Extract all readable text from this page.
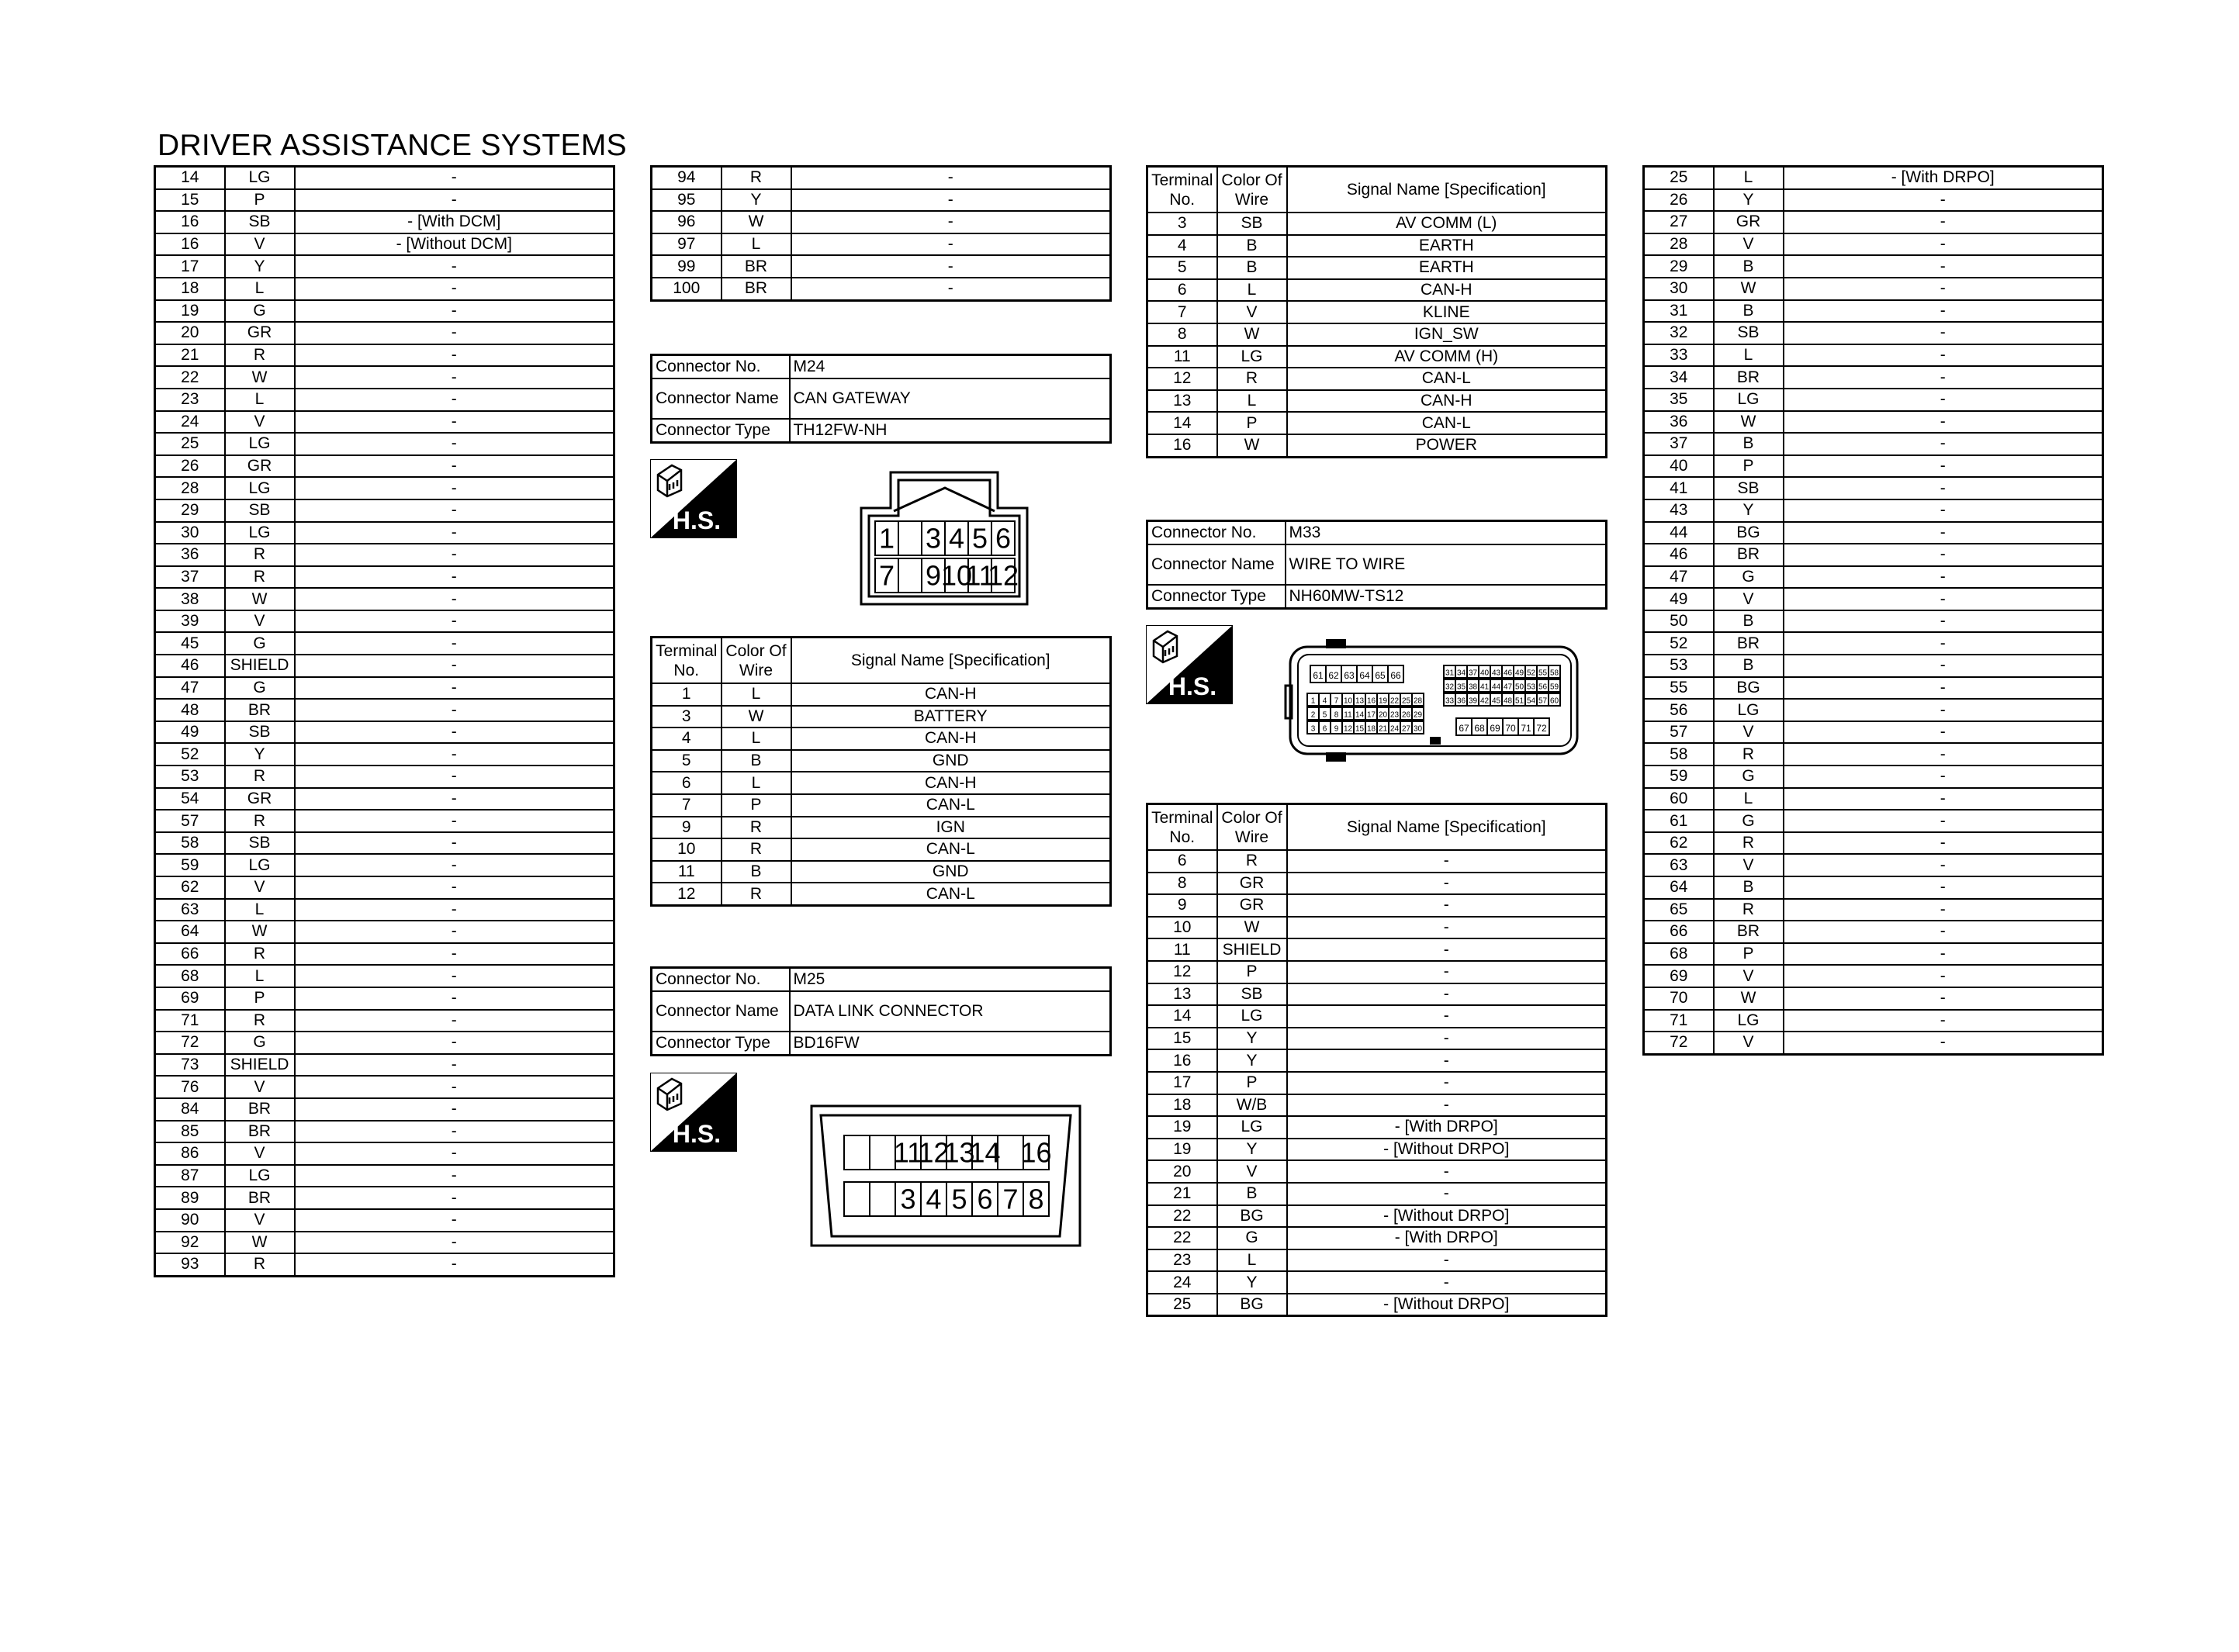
DRIVER ASSISTANCE SYSTEMS
14	LG	-
15	P	-
16	SB	- [With DCM]
16	V	- [Without DCM]
17	Y	-
18	L	-
19	G	-
20	GR	-
21	R	-
22	W	-
23	L	-
24	V	-
25	LG	-
26	GR	-
28	LG	-
29	SB	-
30	LG	-
36	R	-
37	R	-
38	W	-
39	V	-
45	G	-
46	SHIELD	-
47	G	-
48	BR	-
49	SB	-
52	Y	-
53	R	-
54	GR	-
57	R	-
58	SB	-
59	LG	-
62	V	-
63	L	-
64	W	-
66	R	-
68	L	-
69	P	-
71	R	-
72	G	-
73	SHIELD	-
76	V	-
84	BR	-
85	BR	-
86	V	-
87	LG	-
89	BR	-
90	V	-
92	W	-
93	R	-
94	R	-
95	Y	-
96	W	-
97	L	-
99	BR	-
100	BR	-
Connector No.	M24
Connector Name	CAN GATEWAY
Connector Type	TH12FW-NH
H.S.
1 3 4 5 6
7 9 10
11
12
Terminal No.	Color Of Wire	Signal Name [Specification]
1	L	CAN-H
3	W	BATTERY
4	L	CAN-H
5	B	GND
6	L	CAN-H
7	P	CAN-L
9	R	IGN
10	R	CAN-L
11	B	GND
12	R	CAN-L
Connector No.	M25
Connector Name	DATA LINK CONNECTOR
Connector Type	BD16FW
H.S.
11
12
13
14 16
3 4 5 6 7 8
Terminal No.	Color Of Wire	Signal Name [Specification]
3	SB	AV COMM (L)
4	B	EARTH
5	B	EARTH
6	L	CAN-H
7	V	KLINE
8	W	IGN_SW
11	LG	AV COMM (H)
12	R	CAN-L
13	L	CAN-H
14	P	CAN-L
16	W	POWER
Connector No.	M33
Connector Name	WIRE TO WIRE
Connector Type	NH60MW-TS12
H.S.	61 62 63 64 65 66
1 4 7 10 13 16 19 22 25 28
2 5 8 11 14 17 20 23 26 29
3 6 9 12 15 18 21 24 27 30
31 34 37 40 43 46 49 52 55 58
32 35 38 41 44 47 50 53 56 59
33 36 39 42 45 48 51 54 57 60
67 68 69 70 71 72
Terminal No.	Color Of Wire	Signal Name [Specification]
6	R	-
8	GR	-
9	GR	-
10	W	-
11	SHIELD	-
12	P	-
13	SB	-
14	LG	-
15	Y	-
16	Y	-
17	P	-
18	W/B	-
19	LG	- [With DRPO]
19	Y	- [Without DRPO]
20	V	-
21	B	-
22	BG	- [Without DRPO]
22	G	- [With DRPO]
23	L	-
24	Y	-
25	BG	- [Without DRPO]
25	L	- [With DRPO]
26	Y	-
27	GR	-
28	V	-
29	B	-
30	W	-
31	B	-
32	SB	-
33	L	-
34	BR	-
35	LG	-
36	W	-
37	B	-
40	P	-
41	SB	-
43	Y	-
44	BG	-
46	BR	-
47	G	-
49	V	-
50	B	-
52	BR	-
53	B	-
55	BG	-
56	LG	-
57	V	-
58	R	-
59	G	-
60	L	-
61	G	-
62	R	-
63	V	-
64	B	-
65	R	-
66	BR	-
68	P	-
69	V	-
70	W	-
71	LG	-
72	V	-
